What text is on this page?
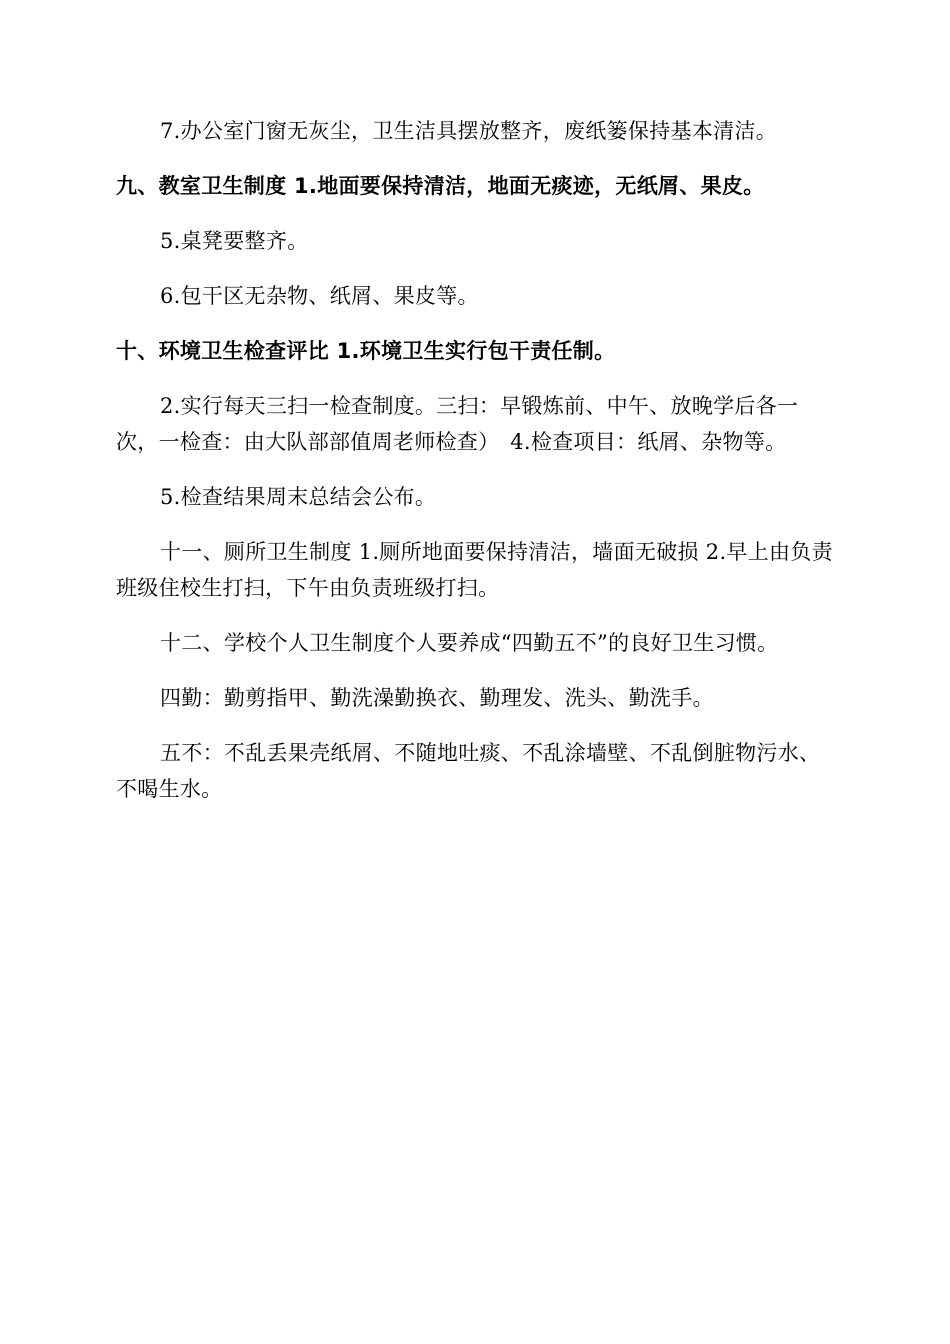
7.办公室门窗无灰尘，卫生洁具摆放整齐，废纸篓保持基本清洁。

九、教室卫生制度 1.地面要保持清洁，地面无痰迹，无纸屑、果皮。

5.桌凳要整齐。

6.包干区无杂物、纸屑、果皮等。

十、环境卫生检查评比 1.环境卫生实行包干责任制。

2.实行每天三扫一检查制度。三扫：早锻炼前、中午、放晚学后各一次，一检查：由大队部部值周老师检查）　4.检查项目：纸屑、杂物等。

5.检查结果周末总结会公布。

十一、厕所卫生制度 1.厕所地面要保持清洁，墙面无破损 2.早上由负责班级住校生打扫，下午由负责班级打扫。

十二、学校个人卫生制度个人要养成“四勤五不”的良好卫生习惯。

四勤：勤剪指甲、勤洗澡勤换衣、勤理发、洗头、勤洗手。

五不：不乱丢果壳纸屑、不随地吐痰、不乱涂墙壁、不乱倒脏物污水、不喝生水。
